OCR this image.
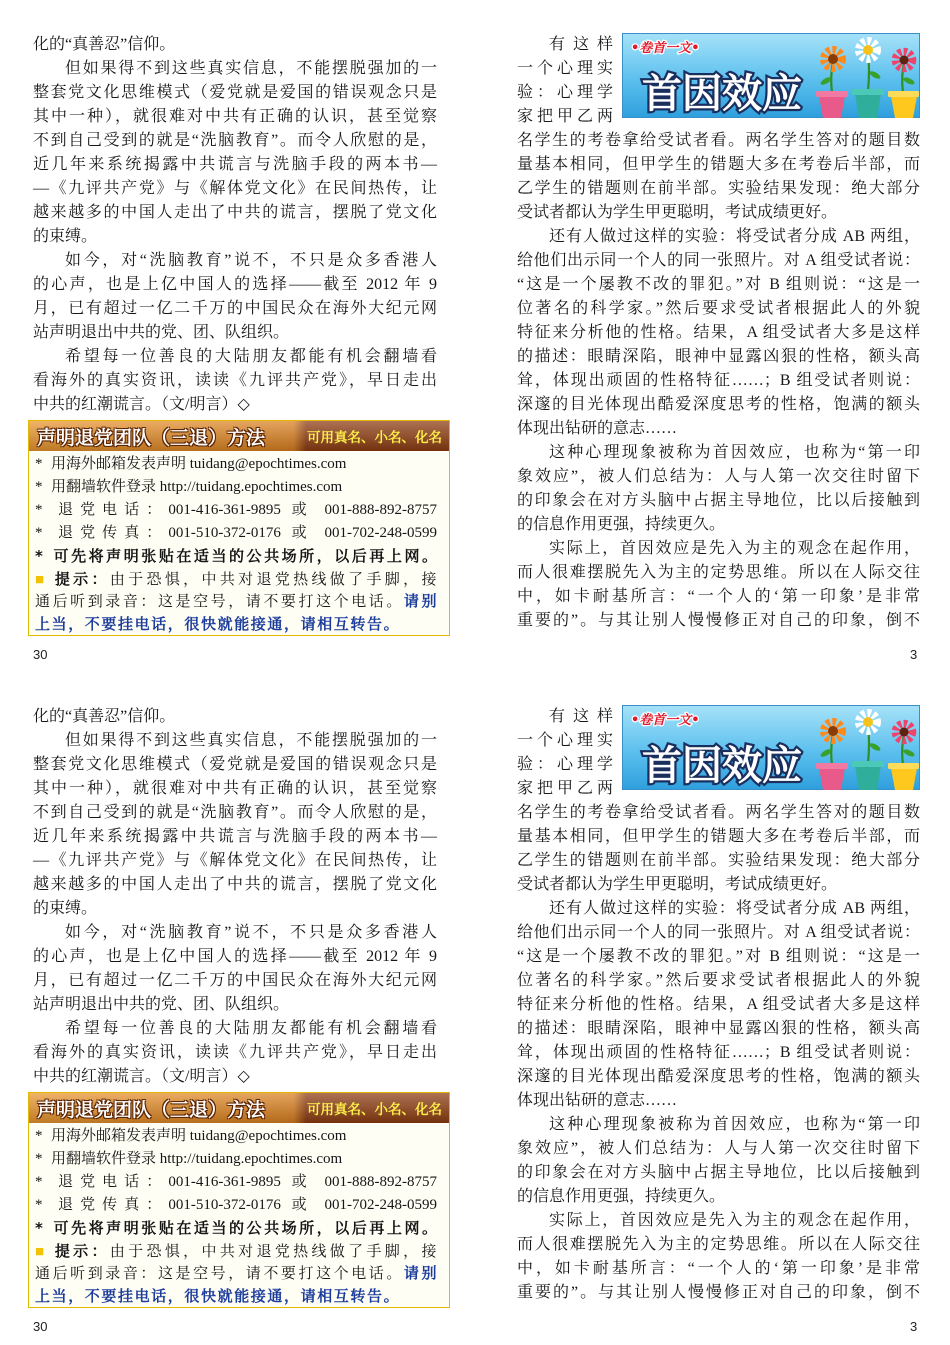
化的“真善忍”信仰。
但如果得不到这些真实信息，不能摆脱强加的一
整套党文化思维模式（爱党就是爱国的错误观念只是
其中一种），就很难对中共有正确的认识，甚至觉察
不到自己受到的就是“洗脑教育”。而令人欣慰的是，
近几年来系统揭露中共谎言与洗脑手段的两本书—
—《九评共产党》与《解体党文化》在民间热传，让
越来越多的中国人走出了中共的谎言，摆脱了党文化
的束缚。
如今，对“洗脑教育”说不，不只是众多香港人
的心声，也是上亿中国人的选择——截至 2012 年 9
月，已有超过一亿二千万的中国民众在海外大纪元网
站声明退出中共的党、团、队组织。
希望每一位善良的大陆朋友都能有机会翻墙看
看海外的真实资讯，读读《九评共产党》，早日走出
中共的红潮谎言。（文/明言）◇
声明退党团队（三退）方法	可用真名、小名、化名
* 用海外邮箱发表声明 tuidang@epochtimes.com
* 用翻墙软件登录 http://tuidang.epochtimes.com
* 退党电话：001-416-361-9895 或 001-888-892-8757
* 退党传真：001-510-372-0176 或 001-702-248-0599
* 可先将声明张贴在适当的公共场所，以后再上网。
■ 提示：由于恐惧，中共对退党热线做了手脚，接
通后听到录音：这是空号，请不要打这个电话。请别
上当，不要挂电话，很快就能接通，请相互转告。
30
•卷首一文•
首因效应
有这样
一个心理实
验：心理学
家把甲乙两
名学生的考卷拿给受试者看。两名学生答对的题目数
量基本相同，但甲学生的错题大多在考卷后半部，而
乙学生的错题则在前半部。实验结果发现：绝大部分
受试者都认为学生甲更聪明，考试成绩更好。
还有人做过这样的实验：将受试者分成 AB 两组，
给他们出示同一个人的同一张照片。对 A 组受试者说：
“这是一个屡教不改的罪犯。”对 B 组则说：“这是一
位著名的科学家。”然后要求受试者根据此人的外貌
特征来分析他的性格。结果，A 组受试者大多是这样
的描述：眼睛深陷，眼神中显露凶狠的性格，额头高
耸，体现出顽固的性格特征……；B 组受试者则说：
深邃的目光体现出酷爱深度思考的性格，饱满的额头
体现出钻研的意志……
这种心理现象被称为首因效应，也称为“第一印
象效应”，被人们总结为：人与人第一次交往时留下
的印象会在对方头脑中占据主导地位，比以后接触到
的信息作用更强，持续更久。
实际上，首因效应是先入为主的观念在起作用，
而人很难摆脱先入为主的定势思维。所以在人际交往
中，如卡耐基所言：“一个人的‘第一印象’是非常
重要的”。与其让别人慢慢修正对自己的印象，倒不
3
化的“真善忍”信仰。
但如果得不到这些真实信息，不能摆脱强加的一
整套党文化思维模式（爱党就是爱国的错误观念只是
其中一种），就很难对中共有正确的认识，甚至觉察
不到自己受到的就是“洗脑教育”。而令人欣慰的是，
近几年来系统揭露中共谎言与洗脑手段的两本书—
—《九评共产党》与《解体党文化》在民间热传，让
越来越多的中国人走出了中共的谎言，摆脱了党文化
的束缚。
如今，对“洗脑教育”说不，不只是众多香港人
的心声，也是上亿中国人的选择——截至 2012 年 9
月，已有超过一亿二千万的中国民众在海外大纪元网
站声明退出中共的党、团、队组织。
希望每一位善良的大陆朋友都能有机会翻墙看
看海外的真实资讯，读读《九评共产党》，早日走出
中共的红潮谎言。（文/明言）◇
声明退党团队（三退）方法	可用真名、小名、化名
* 用海外邮箱发表声明 tuidang@epochtimes.com
* 用翻墙软件登录 http://tuidang.epochtimes.com
* 退党电话：001-416-361-9895 或 001-888-892-8757
* 退党传真：001-510-372-0176 或 001-702-248-0599
* 可先将声明张贴在适当的公共场所，以后再上网。
■ 提示：由于恐惧，中共对退党热线做了手脚，接
通后听到录音：这是空号，请不要打这个电话。请别
上当，不要挂电话，很快就能接通，请相互转告。
30
•卷首一文•
首因效应
有这样
一个心理实
验：心理学
家把甲乙两
名学生的考卷拿给受试者看。两名学生答对的题目数
量基本相同，但甲学生的错题大多在考卷后半部，而
乙学生的错题则在前半部。实验结果发现：绝大部分
受试者都认为学生甲更聪明，考试成绩更好。
还有人做过这样的实验：将受试者分成 AB 两组，
给他们出示同一个人的同一张照片。对 A 组受试者说：
“这是一个屡教不改的罪犯。”对 B 组则说：“这是一
位著名的科学家。”然后要求受试者根据此人的外貌
特征来分析他的性格。结果，A 组受试者大多是这样
的描述：眼睛深陷，眼神中显露凶狠的性格，额头高
耸，体现出顽固的性格特征……；B 组受试者则说：
深邃的目光体现出酷爱深度思考的性格，饱满的额头
体现出钻研的意志……
这种心理现象被称为首因效应，也称为“第一印
象效应”，被人们总结为：人与人第一次交往时留下
的印象会在对方头脑中占据主导地位，比以后接触到
的信息作用更强，持续更久。
实际上，首因效应是先入为主的观念在起作用，
而人很难摆脱先入为主的定势思维。所以在人际交往
中，如卡耐基所言：“一个人的‘第一印象’是非常
重要的”。与其让别人慢慢修正对自己的印象，倒不
3
